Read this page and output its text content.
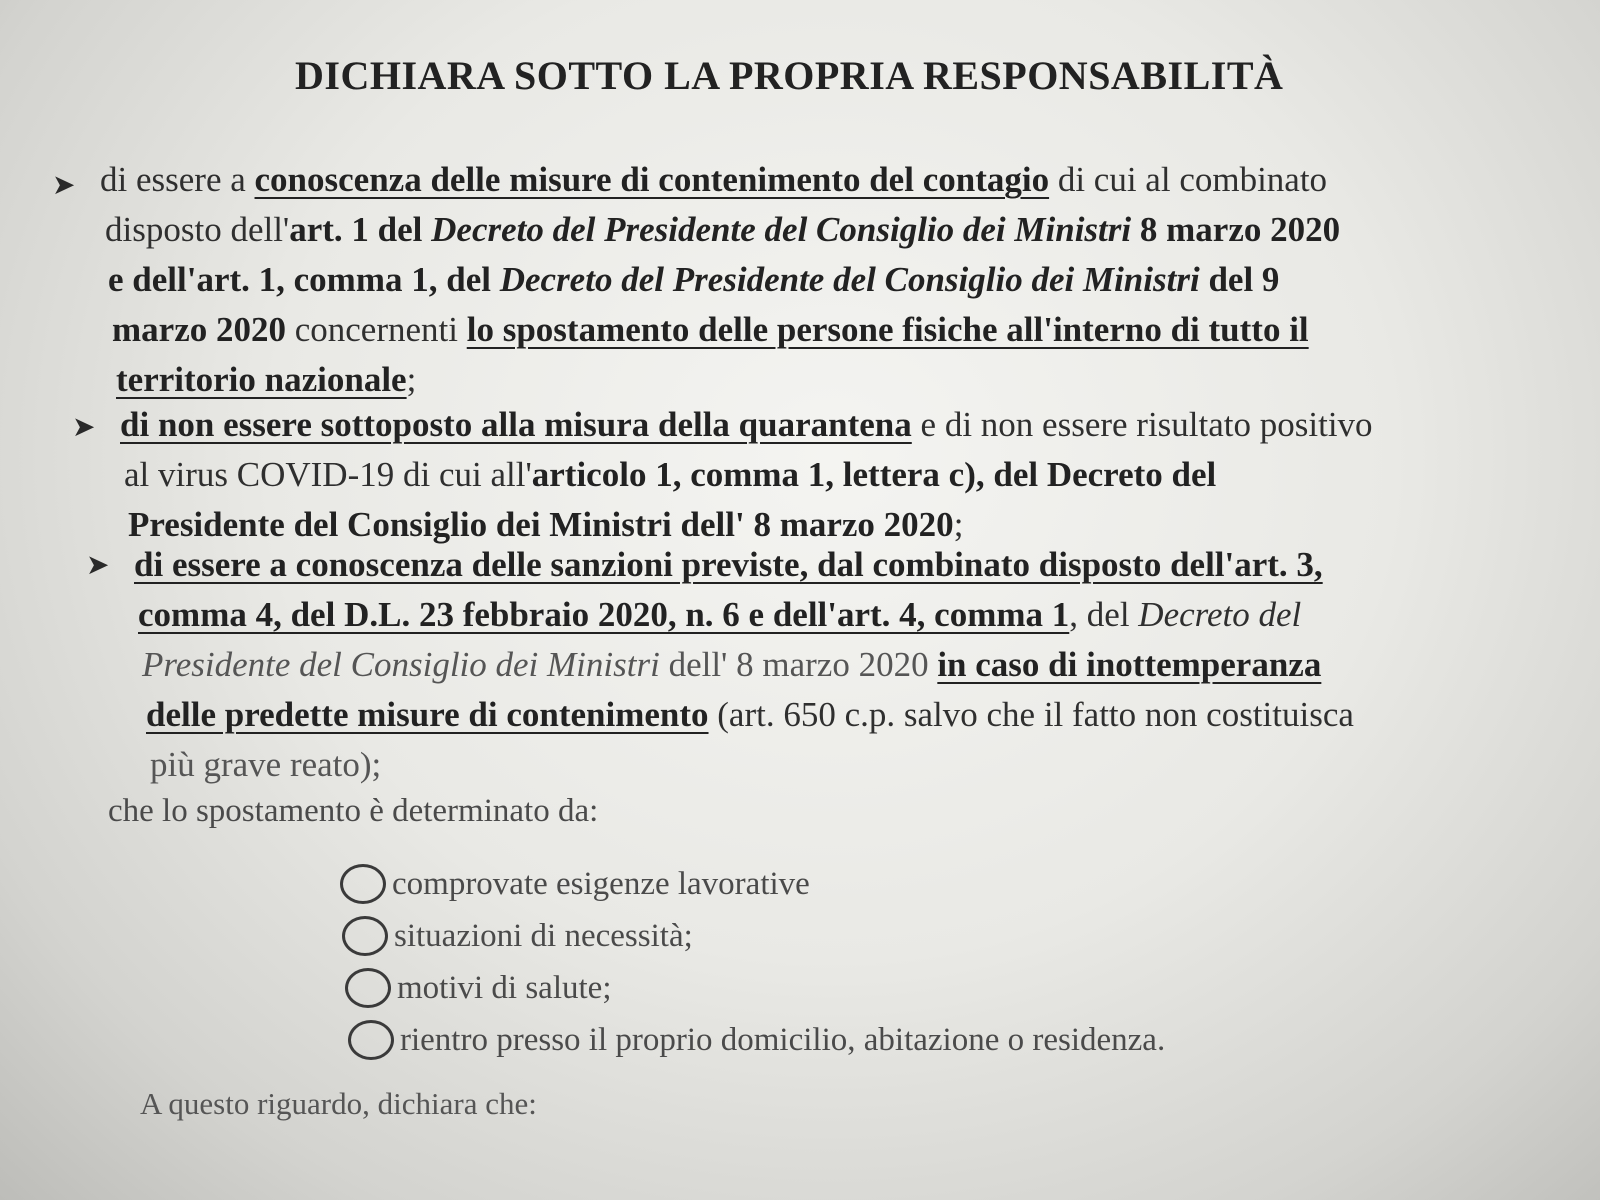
DICHIARA SOTTO LA PROPRIA RESPONSABILITÀ
➤ di essere a conoscenza delle misure di contenimento del contagio di cui al combinato
disposto dell'art. 1 del Decreto del Presidente del Consiglio dei Ministri 8 marzo 2020
e dell'art. 1, comma 1, del Decreto del Presidente del Consiglio dei Ministri del 9
marzo 2020 concernenti lo spostamento delle persone fisiche all'interno di tutto il
territorio nazionale;
➤ di non essere sottoposto alla misura della quarantena e di non essere risultato positivo
al virus COVID-19 di cui all'articolo 1, comma 1, lettera c), del Decreto del
Presidente del Consiglio dei Ministri dell' 8 marzo 2020;
➤ di essere a conoscenza delle sanzioni previste, dal combinato disposto dell'art. 3,
comma 4, del D.L. 23 febbraio 2020, n. 6 e dell'art. 4, comma 1, del Decreto del
Presidente del Consiglio dei Ministri dell' 8 marzo 2020 in caso di inottemperanza
delle predette misure di contenimento (art. 650 c.p. salvo che il fatto non costituisca
più grave reato);
che lo spostamento è determinato da:
comprovate esigenze lavorative
situazioni di necessità;
motivi di salute;
rientro presso il proprio domicilio, abitazione o residenza.
A questo riguardo, dichiara che:
